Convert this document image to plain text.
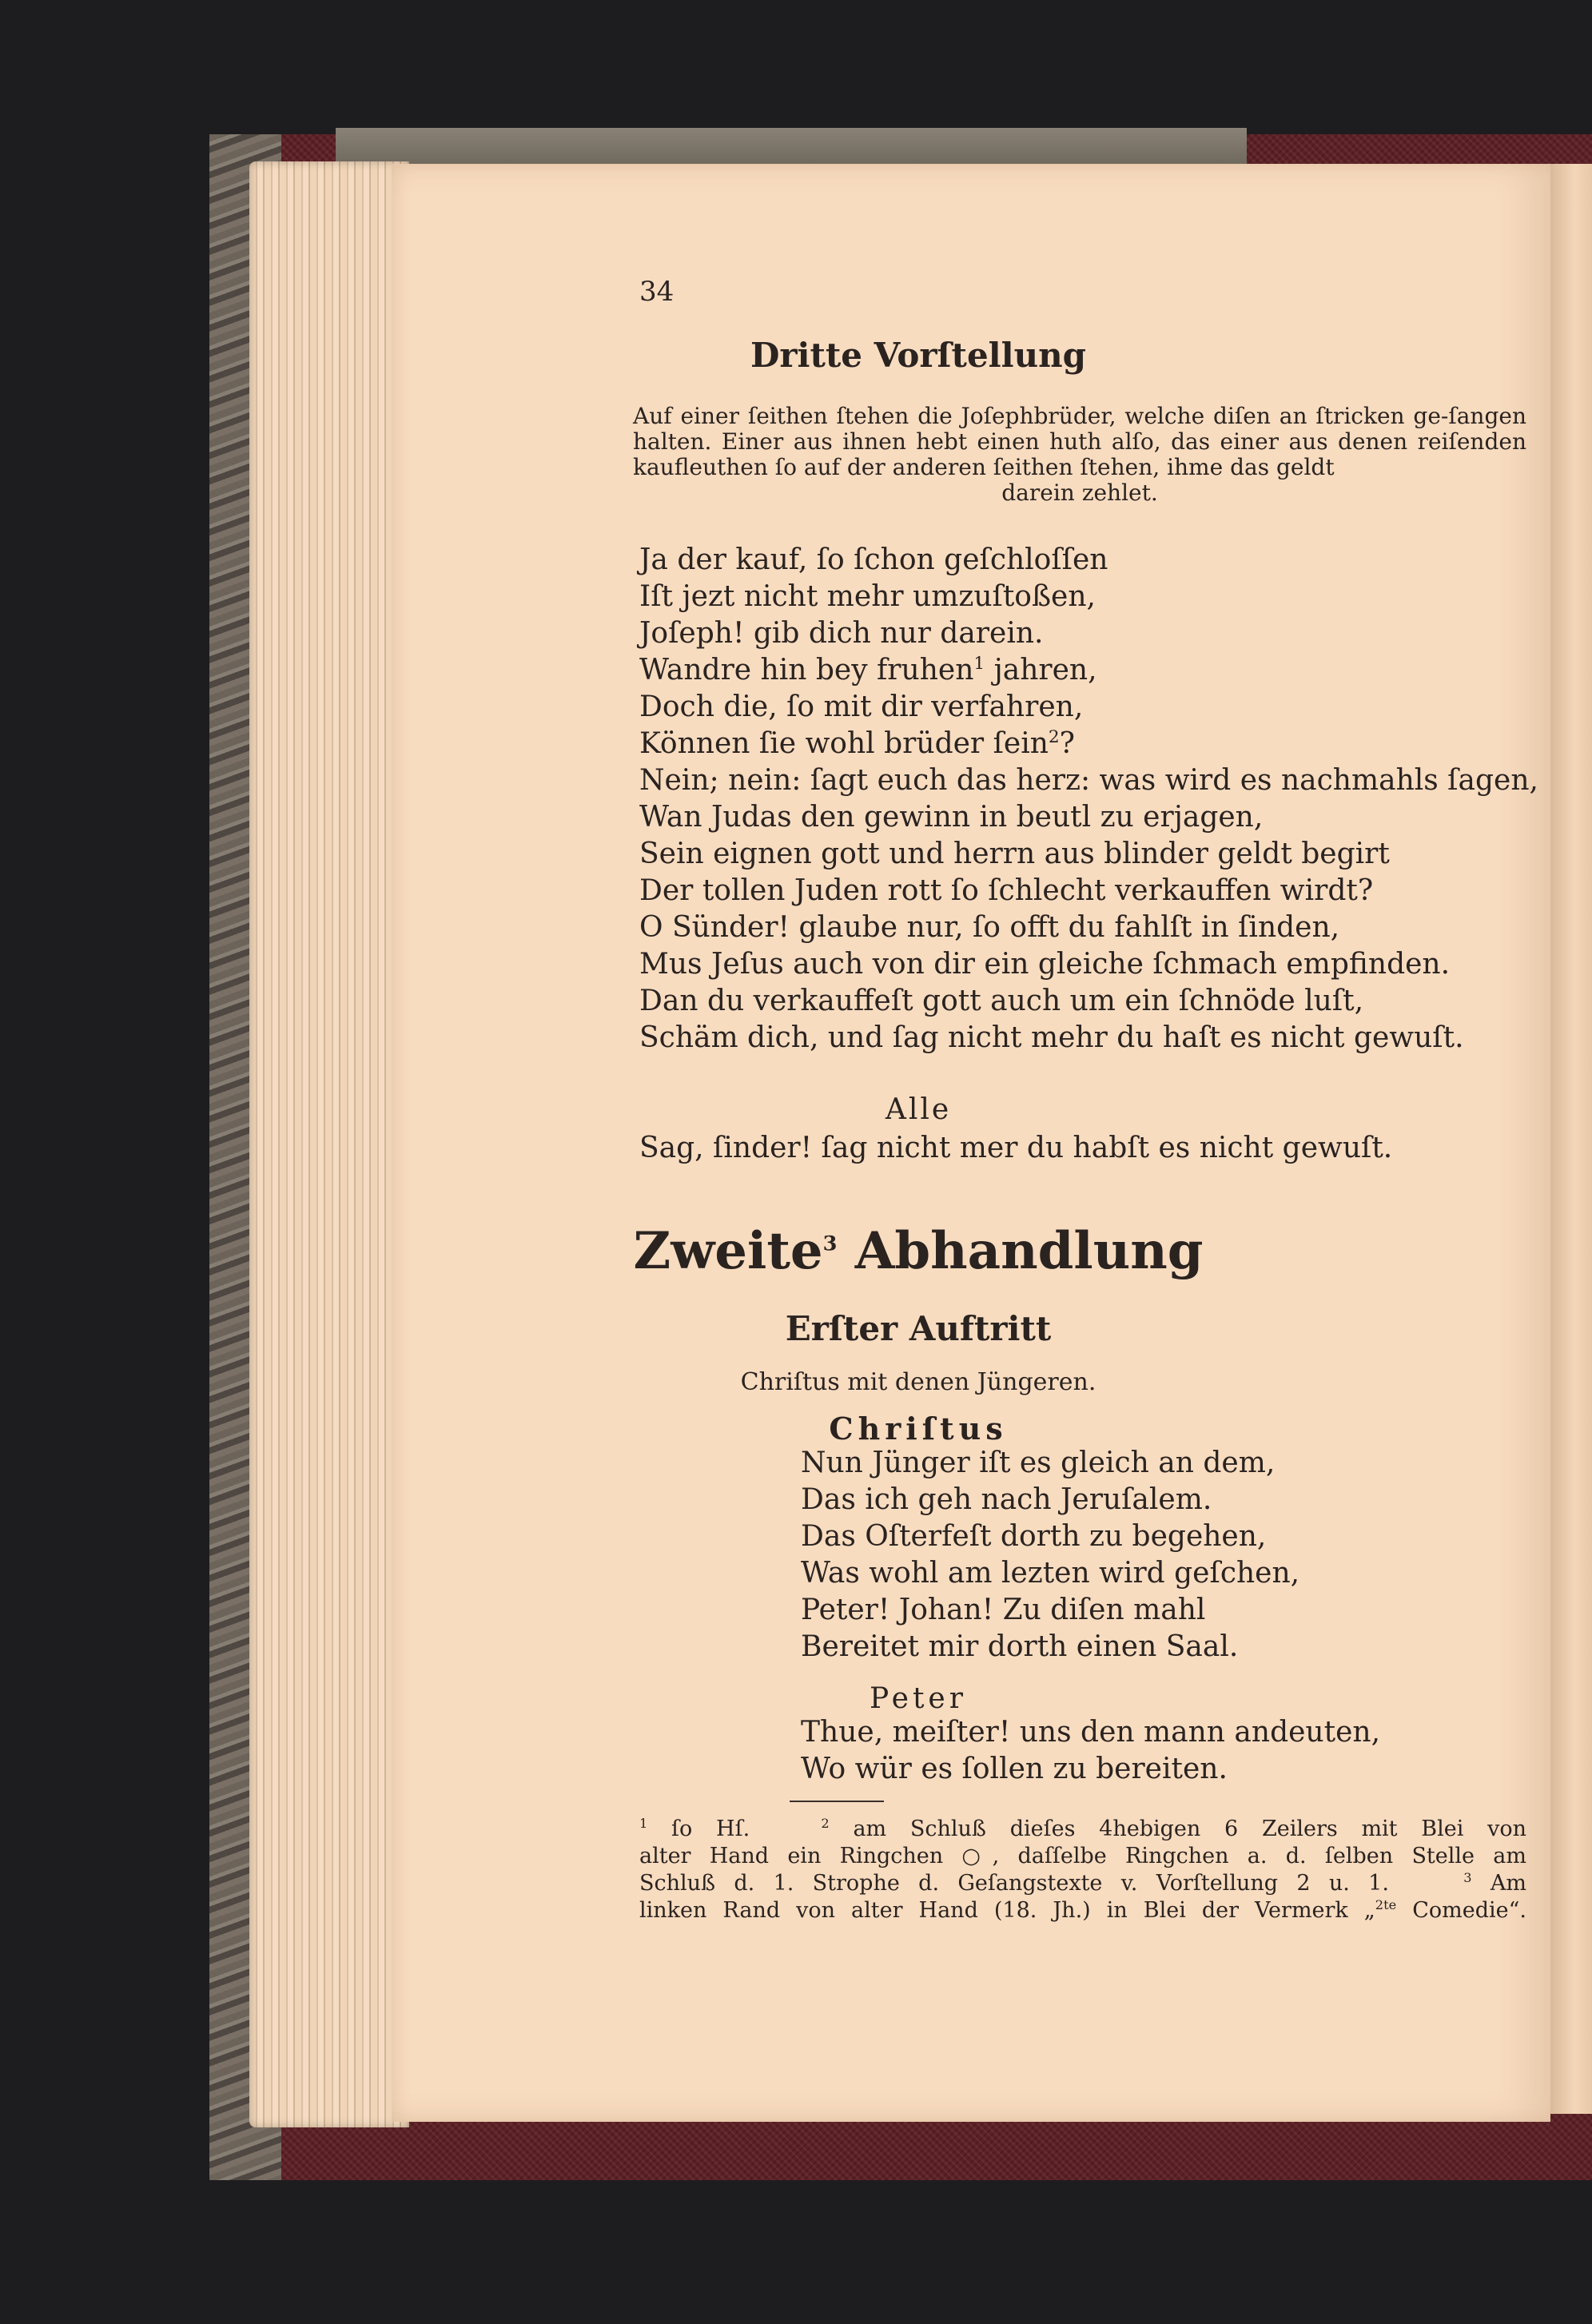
34
Dritte Vorſtellung
Auf einer ſeithen ſtehen die Joſephbrüder, welche diſen an ſtricken ge-ſangen halten. Einer aus ihnen hebt einen huth alſo, das einer aus denen reiſenden kaufleuthen ſo auf der anderen ſeithen ſtehen, ihme das geldt
darein zehlet.
Ja der kauf, ſo ſchon geſchloſſen
Iſt jezt nicht mehr umzuſtoßen,
Joſeph! gib dich nur darein.
Wandre hin bey fruhen$^1$ jahren,
Doch die, ſo mit dir verfahren,
Können ſie wohl brüder ſein$^2$?
Nein; nein: ſagt euch das herz: was wird es nachmahls ſagen,
Wan Judas den gewinn in beutl zu erjagen,
Sein eignen gott und herrn aus blinder geldt begirt
Der tollen Juden rott ſo ſchlecht verkauffen wirdt?
O Sünder! glaube nur, ſo offt du fahlſt in ſinden,
Mus Jeſus auch von dir ein gleiche ſchmach empfinden.
Dan du verkauffeſt gott auch um ein ſchnöde luſt,
Schäm dich, und ſag nicht mehr du haſt es nicht gewuſt.
Alle
Sag, ſinder! ſag nicht mer du habſt es nicht gewuſt.
Zweite$^3$ Abhandlung
Erſter Auftritt
Chriſtus mit denen Jüngeren.
Chriſtus
Nun Jünger iſt es gleich an dem,
Das ich geh nach Jeruſalem.
Das Oſterfeſt dorth zu begehen,
Was wohl am lezten wird geſchen,
Peter! Johan! Zu diſen mahl
Bereitet mir dorth einen Saal.
Peter
Thue, meiſter! uns den mann andeuten,
Wo wür es ſollen zu bereiten.
$^1$ ſo Hſ.	$^2$ am Schluß dieſes 4hebigen 6 Zeilers mit Blei von
alter Hand ein Ringchen ○, daſſelbe Ringchen a. d. ſelben Stelle am
Schluß d. 1. Strophe d. Geſangstexte v. Vorſtellung 2 u. 1.	$^3$ Am
linken Rand von alter Hand (18. Jh.) in Blei der Vermerk „$^{2te}$ Comedie“.
